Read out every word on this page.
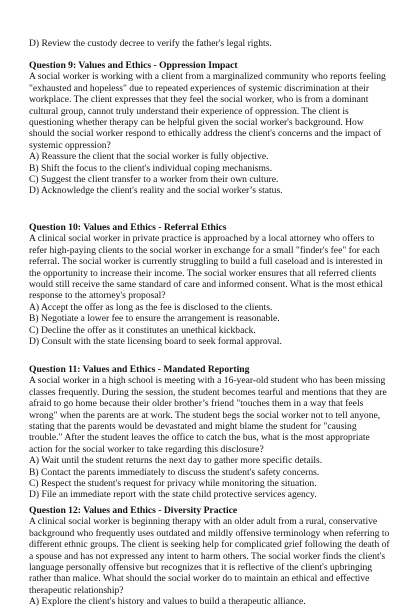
D) Review the custody decree to verify the father's legal rights.
Question 9: Values and Ethics - Oppression Impact

A social worker is working with a client from a marginalized community who reports feeling "exhausted and hopeless" due to repeated experiences of systemic discrimination at their workplace. The client expresses that they feel the social worker, who is from a dominant cultural group, cannot truly understand their experience of oppression. The client is questioning whether therapy can be helpful given the social worker's background. How should the social worker respond to ethically address the client's concerns and the impact of systemic oppression?

A) Reassure the client that the social worker is fully objective.
B) Shift the focus to the client's individual coping mechanisms.
C) Suggest the client transfer to a worker from their own culture.
D) Acknowledge the client's reality and the social worker’s status.
Question 10: Values and Ethics - Referral Ethics

A clinical social worker in private practice is approached by a local attorney who offers to refer high-paying clients to the social worker in exchange for a small "finder's fee" for each referral. The social worker is currently struggling to build a full caseload and is interested in the opportunity to increase their income. The social worker ensures that all referred clients would still receive the same standard of care and informed consent. What is the most ethical response to the attorney's proposal?

A) Accept the offer as long as the fee is disclosed to the clients.
B) Negotiate a lower fee to ensure the arrangement is reasonable.
C) Decline the offer as it constitutes an unethical kickback.
D) Consult with the state licensing board to seek formal approval.
Question 11: Values and Ethics - Mandated Reporting

A social worker in a high school is meeting with a 16-year-old student who has been missing classes frequently. During the session, the student becomes tearful and mentions that they are afraid to go home because their older brother’s friend "touches them in a way that feels wrong" when the parents are at work. The student begs the social worker not to tell anyone, stating that the parents would be devastated and might blame the student for "causing trouble." After the student leaves the office to catch the bus, what is the most appropriate action for the social worker to take regarding this disclosure?

A) Wait until the student returns the next day to gather more specific details.
B) Contact the parents immediately to discuss the student's safety concerns.
C) Respect the student's request for privacy while monitoring the situation.
D) File an immediate report with the state child protective services agency.
Question 12: Values and Ethics - Diversity Practice

A clinical social worker is beginning therapy with an older adult from a rural, conservative background who frequently uses outdated and mildly offensive terminology when referring to different ethnic groups. The client is seeking help for complicated grief following the death of a spouse and has not expressed any intent to harm others. The social worker finds the client's language personally offensive but recognizes that it is reflective of the client's upbringing rather than malice. What should the social worker do to maintain an ethical and effective therapeutic relationship?

A) Explore the client's history and values to build a therapeutic alliance.
